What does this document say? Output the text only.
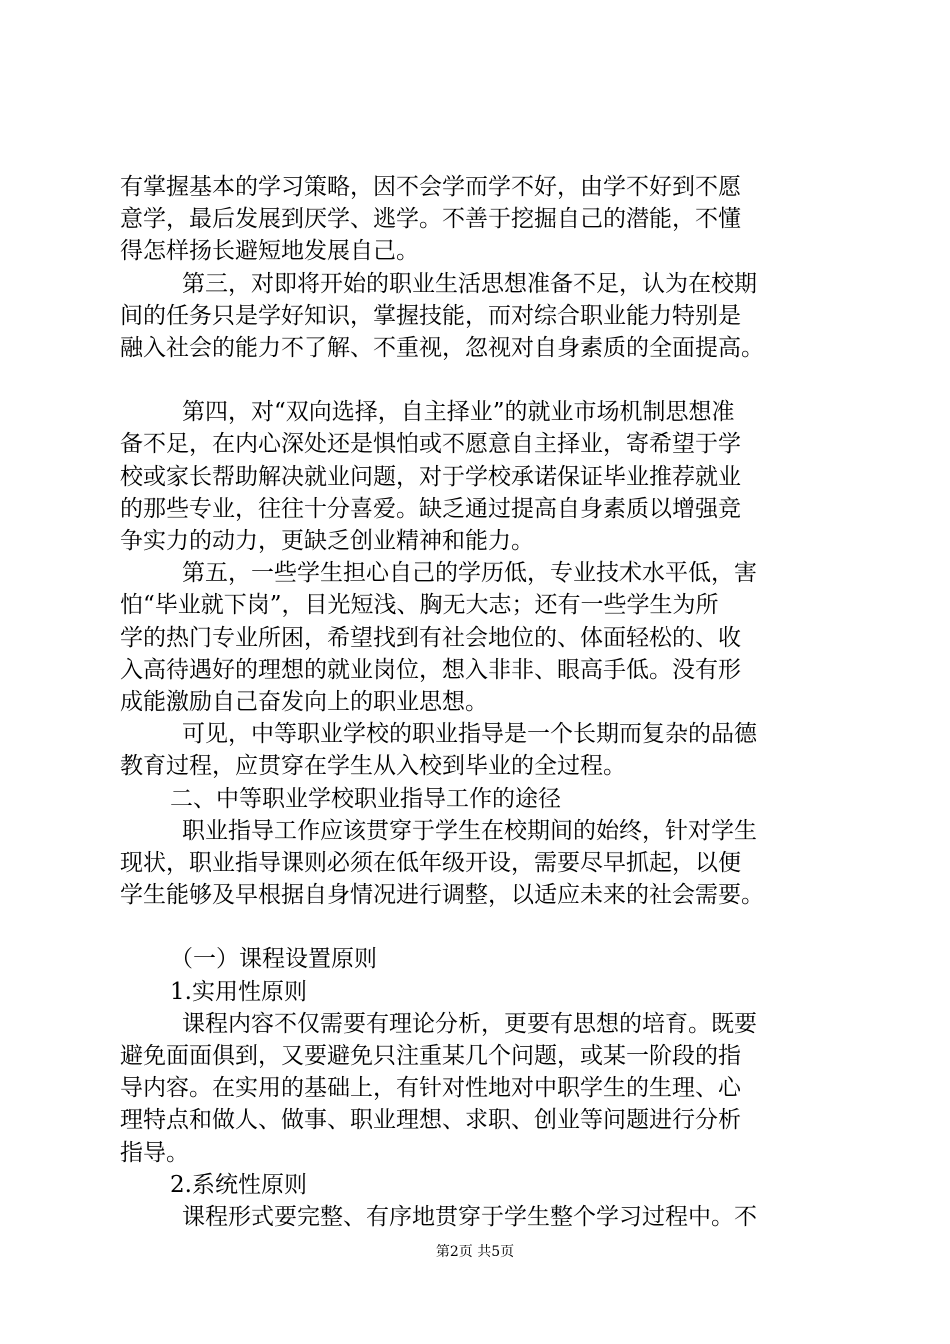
有掌握基本的学习策略，因不会学而学不好，由学不好到不愿

意学，最后发展到厌学、逃学。不善于挖掘自己的潜能，不懂

得怎样扬长避短地发展自己。

第三，对即将开始的职业生活思想准备不足，认为在校期

间的任务只是学好知识，掌握技能，而对综合职业能力特别是

融入社会的能力不了解、不重视，忽视对自身素质的全面提高。

第四，对“双向选择，自主择业”的就业市场机制思想准

备不足，在内心深处还是惧怕或不愿意自主择业，寄希望于学

校或家长帮助解决就业问题，对于学校承诺保证毕业推荐就业

的那些专业，往往十分喜爱。缺乏通过提高自身素质以增强竞

争实力的动力，更缺乏创业精神和能力。

第五，一些学生担心自己的学历低，专业技术水平低，害

怕“毕业就下岗”，目光短浅、胸无大志；还有一些学生为所

学的热门专业所困，希望找到有社会地位的、体面轻松的、收

入高待遇好的理想的就业岗位，想入非非、眼高手低。没有形

成能激励自己奋发向上的职业思想。

可见，中等职业学校的职业指导是一个长期而复杂的品德

教育过程，应贯穿在学生从入校到毕业的全过程。

二、中等职业学校职业指导工作的途径

职业指导工作应该贯穿于学生在校期间的始终，针对学生

现状，职业指导课则必须在低年级开设，需要尽早抓起，以便

学生能够及早根据自身情况进行调整，以适应未来的社会需要。

（一）课程设置原则

1.实用性原则

课程内容不仅需要有理论分析，更要有思想的培育。既要

避免面面俱到，又要避免只注重某几个问题，或某一阶段的指

导内容。在实用的基础上，有针对性地对中职学生的生理、心

理特点和做人、做事、职业理想、求职、创业等问题进行分析

指导。

2.系统性原则

课程形式要完整、有序地贯穿于学生整个学习过程中。不

第2页 共5页
